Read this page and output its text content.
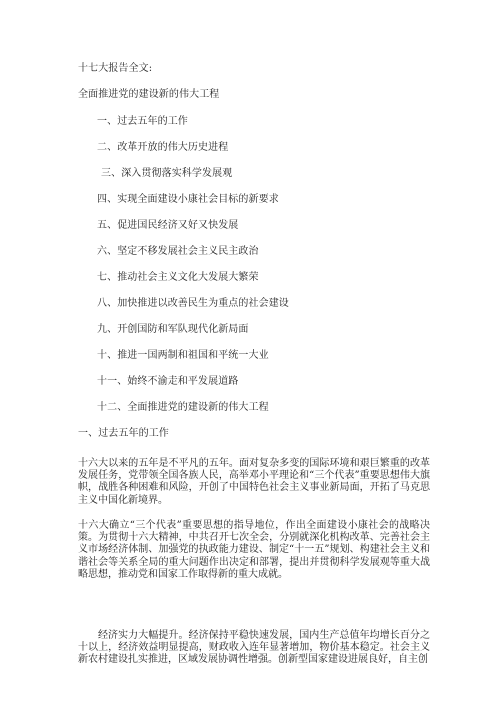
十七大报告全文:
全面推进党的建设新的伟大工程
一、过去五年的工作
二、改革开放的伟大历史进程
三、深入贯彻落实科学发展观
四、实现全面建设小康社会目标的新要求
五、促进国民经济又好又快发展
六、坚定不移发展社会主义民主政治
七、推动社会主义文化大发展大繁荣
八、加快推进以改善民生为重点的社会建设
九、开创国防和军队现代化新局面
十、推进一国两制和祖国和平统一大业
十一、始终不渝走和平发展道路
十二、全面推进党的建设新的伟大工程
一、过去五年的工作

十六大以来的五年是不平凡的五年。面对复杂多变的国际环境和艰巨繁重的改革发展任务，党带领全国各族人民，高举邓小平理论和“三个代表”重要思想伟大旗帜，战胜各种困难和风险，开创了中国特色社会主义事业新局面，开拓了马克思主义中国化新境界。

十六大确立“三个代表”重要思想的指导地位，作出全面建设小康社会的战略决策。为贯彻十六大精神，中共召开七次全会，分别就深化机构改革、完善社会主义市场经济体制、加强党的执政能力建设、制定“十一五”规划、构建社会主义和谐社会等关系全局的重大问题作出决定和部署，提出并贯彻科学发展观等重大战略思想，推动党和国家工作取得新的重大成就。

经济实力大幅提升。经济保持平稳快速发展，国内生产总值年均增长百分之十以上，经济效益明显提高，财政收入连年显著增加，物价基本稳定。社会主义新农村建设扎实推进，区域发展协调性增强。创新型国家建设进展良好，自主创
